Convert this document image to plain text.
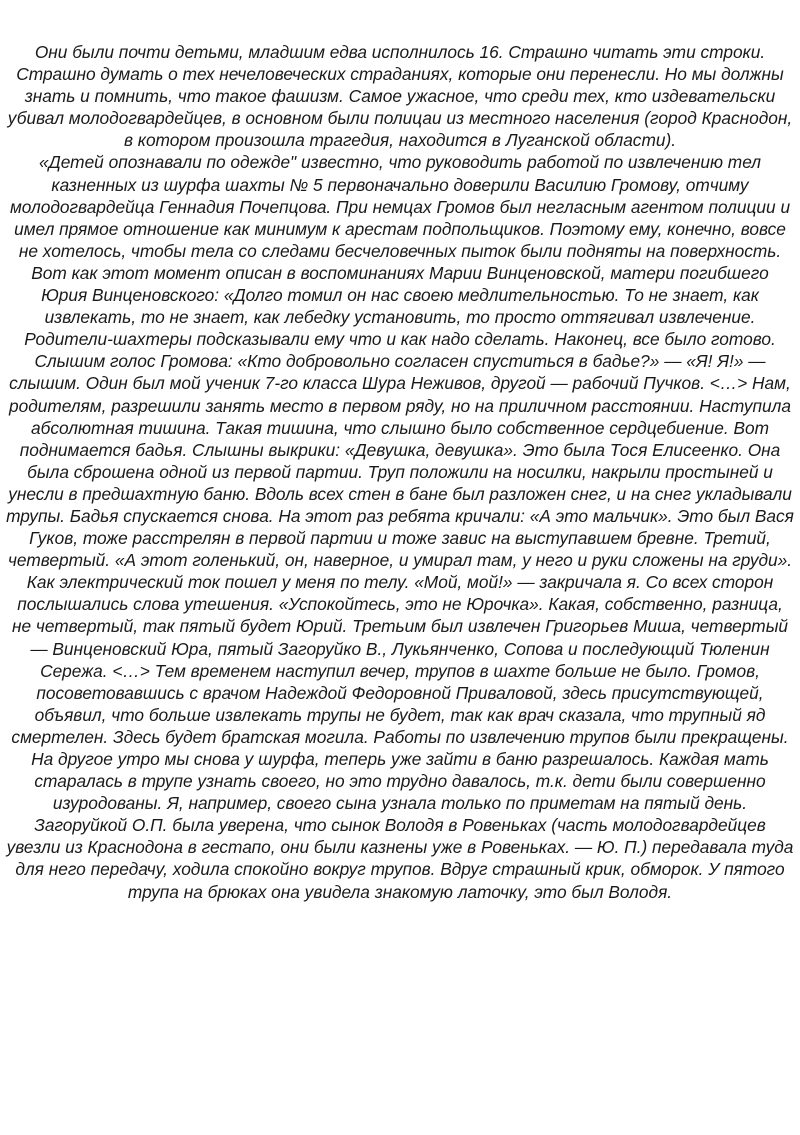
Они были почти детьми, младшим едва исполнилось 16. Страшно читать эти строки. Страшно думать о тех нечеловеческих страданиях, которые они перенесли. Но мы должны знать и помнить, что такое фашизм. Самое ужасное, что среди тех, кто издевательски убивал молодогвардейцев, в основном были полицаи из местного населения (город Краснодон, в котором произошла трагедия, находится в Луганской области).

«Детей опознавали по одежде" известно, что руководить работой по извлечению тел казненных из шурфа шахты № 5 первоначально доверили Василию Громову, отчиму молодогвардейца Геннадия Почепцова. При немцах Громов был негласным агентом полиции и имел прямое отношение как минимум к арестам подпольщиков. Поэтому ему, конечно, вовсе не хотелось, чтобы тела со следами бесчеловечных пыток были подняты на поверхность. Вот как этот момент описан в воспоминаниях Марии Винценовской, матери погибшего Юрия Винценовского: «Долго томил он нас своею медлительностью. То не знает, как извлекать, то не знает, как лебедку установить, то просто оттягивал извлечение. Родители-шахтеры подсказывали ему что и как надо сделать. Наконец, все было готово. Слышим голос Громова: «Кто добровольно согласен спуститься в бадье?» — «Я! Я!» — слышим. Один был мой ученик 7-го класса Шура Неживов, другой — рабочий Пучков. <…> Нам, родителям, разрешили занять место в первом ряду, но на приличном расстоянии. Наступила абсолютная тишина. Такая тишина, что слышно было собственное сердцебиение. Вот поднимается бадья. Слышны выкрики: «Девушка, девушка». Это была Тося Елисеенко. Она была сброшена одной из первой партии. Труп положили на носилки, накрыли простыней и унесли в предшахтную баню. Вдоль всех стен в бане был разложен снег, и на снег укладывали трупы. Бадья спускается снова. На этот раз ребята кричали: «А это мальчик». Это был Вася Гуков, тоже расстрелян в первой партии и тоже завис на выступавшем бревне. Третий, четвертый. «А этот голенький, он, наверное, и умирал там, у него и руки сложены на груди». Как электрический ток пошел у меня по телу. «Мой, мой!» — закричала я. Со всех сторон послышались слова утешения. «Успокойтесь, это не Юрочка». Какая, собственно, разница, не четвертый, так пятый будет Юрий. Третьим был извлечен Григорьев Миша, четвертый — Винценовский Юра, пятый Загоруйко В., Лукьянченко, Сопова и последующий Тюленин Сережа. <…> Тем временем наступил вечер, трупов в шахте больше не было. Громов, посоветовавшись с врачом Надеждой Федоровной Приваловой, здесь присутствующей, объявил, что больше извлекать трупы не будет, так как врач сказала, что трупный яд смертелен. Здесь будет братская могила. Работы по извлечению трупов были прекращены. На другое утро мы снова у шурфа, теперь уже зайти в баню разрешалось. Каждая мать старалась в трупе узнать своего, но это трудно давалось, т.к. дети были совершенно изуродованы. Я, например, своего сына узнала только по приметам на пятый день. Загоруйкой О.П. была уверена, что сынок Володя в Ровеньках (часть молодогвардейцев увезли из Краснодона в гестапо, они были казнены уже в Ровеньках. — Ю. П.) передавала туда для него передачу, ходила спокойно вокруг трупов. Вдруг страшный крик, обморок. У пятого трупа на брюках она увидела знакомую латочку, это был Володя.
